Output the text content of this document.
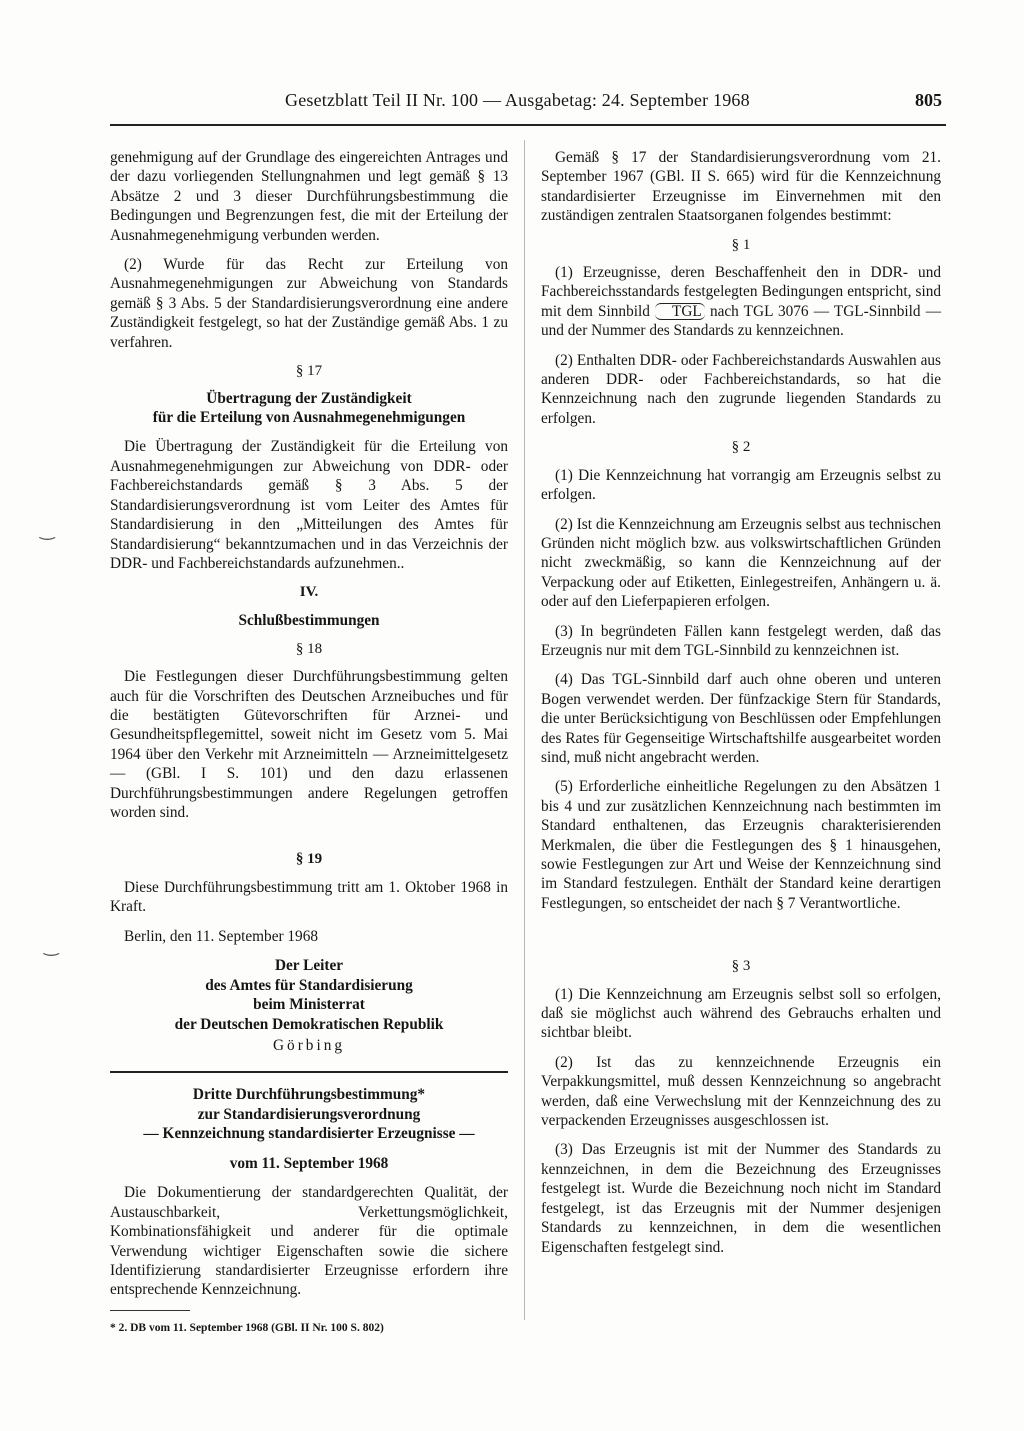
Gesetzblatt Teil II Nr. 100 — Ausgabetag: 24. September 1968	805
‿
‿

genehmigung auf der Grundlage des eingereichten Antrages und der dazu vorliegenden Stellungnahmen und legt gemäß § 13 Absätze 2 und 3 dieser Durchführungsbestimmung die Bedingungen und Begrenzungen fest, die mit der Erteilung der Ausnahmegenehmigung verbunden werden.

(2) Wurde für das Recht zur Erteilung von Ausnahmegenehmigungen zur Abweichung von Standards gemäß § 3 Abs. 5 der Standardisierungsverordnung eine andere Zuständigkeit festgelegt, so hat der Zuständige gemäß Abs. 1 zu verfahren.

§ 17
Übertragung der Zuständigkeit
für die Erteilung von Ausnahmegenehmigungen

Die Übertragung der Zuständigkeit für die Erteilung von Ausnahmegenehmigungen zur Abweichung von DDR- oder Fachbereichstandards gemäß § 3 Abs. 5 der Standardisierungsverordnung ist vom Leiter des Amtes für Standardisierung in den „Mitteilungen des Amtes für Standardisierung“ bekanntzumachen und in das Verzeichnis der DDR- und Fachbereichstandards aufzunehmen..

IV.
Schlußbestimmungen
§ 18

Die Festlegungen dieser Durchführungsbestimmung gelten auch für die Vorschriften des Deutschen Arzneibuches und für die bestätigten Gütevorschriften für Arznei- und Gesundheitspflegemittel, soweit nicht im Gesetz vom 5. Mai 1964 über den Verkehr mit Arzneimitteln — Arzneimittelgesetz — (GBl. I S. 101) und den dazu erlassenen Durchführungsbestimmungen andere Regelungen getroffen worden sind.

§ 19

Diese Durchführungsbestimmung tritt am 1. Oktober 1968 in Kraft.

Berlin, den 11. September 1968

Der Leiter
des Amtes für Standardisierung
beim Ministerrat
der Deutschen Demokratischen Republik
Görbing
Dritte Durchführungsbestimmung*
zur Standardisierungsverordnung
— Kennzeichnung standardisierter Erzeugnisse —
vom 11. September 1968

Die Dokumentierung der standardgerechten Qualität, der Austauschbarkeit, Verkettungsmöglichkeit, Kombinationsfähigkeit und anderer für die optimale Verwendung wichtiger Eigenschaften sowie die sichere Identifizierung standardisierter Erzeugnisse erfordern ihre entsprechende Kennzeichnung.

* 2. DB vom 11. September 1968 (GBl. II Nr. 100 S. 802)

Gemäß § 17 der Standardisierungsverordnung vom 21. September 1967 (GBl. II S. 665) wird für die Kennzeichnung standardisierter Erzeugnisse im Einvernehmen mit den zuständigen zentralen Staatsorganen folgendes bestimmt:

§ 1

(1) Erzeugnisse, deren Beschaffenheit den in DDR- und Fachbereichsstandards festgelegten Bedingungen entspricht, sind mit dem Sinnbild TGL nach TGL 3076 — TGL-Sinnbild — und der Nummer des Standards zu kennzeichnen.

(2) Enthalten DDR- oder Fachbereichstandards Auswahlen aus anderen DDR- oder Fachbereichstandards, so hat die Kennzeichnung nach den zugrunde liegenden Standards zu erfolgen.

§ 2

(1) Die Kennzeichnung hat vorrangig am Erzeugnis selbst zu erfolgen.

(2) Ist die Kennzeichnung am Erzeugnis selbst aus technischen Gründen nicht möglich bzw. aus volkswirtschaftlichen Gründen nicht zweckmäßig, so kann die Kennzeichnung auf der Verpackung oder auf Etiketten, Einlegestreifen, Anhängern u. ä. oder auf den Lieferpapieren erfolgen.

(3) In begründeten Fällen kann festgelegt werden, daß das Erzeugnis nur mit dem TGL-Sinnbild zu kennzeichnen ist.

(4) Das TGL-Sinnbild darf auch ohne oberen und unteren Bogen verwendet werden. Der fünfzackige Stern für Standards, die unter Berücksichtigung von Beschlüssen oder Empfehlungen des Rates für Gegenseitige Wirtschaftshilfe ausgearbeitet worden sind, muß nicht angebracht werden.

(5) Erforderliche einheitliche Regelungen zu den Absätzen 1 bis 4 und zur zusätzlichen Kennzeichnung nach bestimmten im Standard enthaltenen, das Erzeugnis charakterisierenden Merkmalen, die über die Festlegungen des § 1 hinausgehen, sowie Festlegungen zur Art und Weise der Kennzeichnung sind im Standard festzulegen. Enthält der Standard keine derartigen Festlegungen, so entscheidet der nach § 7 Verantwortliche.

§ 3

(1) Die Kennzeichnung am Erzeugnis selbst soll so erfolgen, daß sie möglichst auch während des Gebrauchs erhalten und sichtbar bleibt.

(2) Ist das zu kennzeichnende Erzeugnis ein Verpakkungsmittel, muß dessen Kennzeichnung so angebracht werden, daß eine Verwechslung mit der Kennzeichnung des zu verpackenden Erzeugnisses ausgeschlossen ist.

(3) Das Erzeugnis ist mit der Nummer des Standards zu kennzeichnen, in dem die Bezeichnung des Erzeugnisses festgelegt ist. Wurde die Bezeichnung noch nicht im Standard festgelegt, ist das Erzeugnis mit der Nummer desjenigen Standards zu kennzeichnen, in dem die wesentlichen Eigenschaften festgelegt sind.
